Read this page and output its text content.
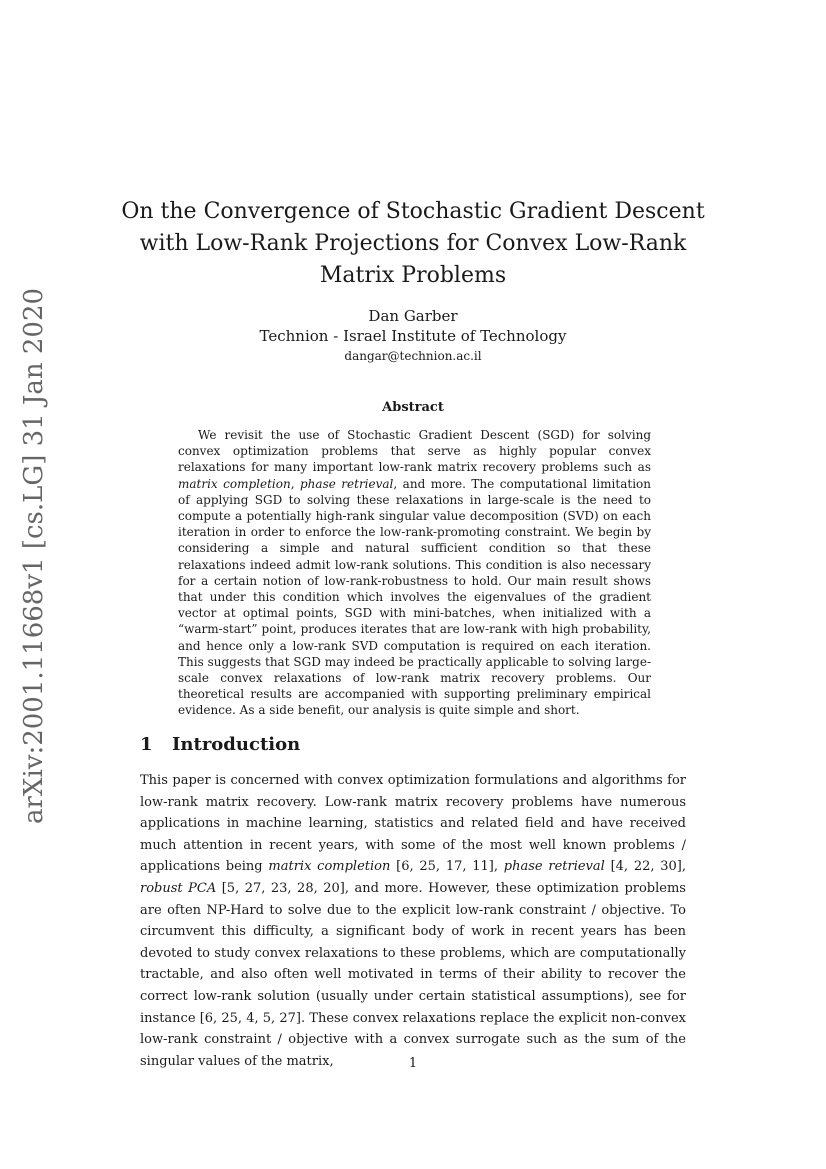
arXiv:2001.11668v1 [cs.LG] 31 Jan 2020
On the Convergence of Stochastic Gradient Descent with Low-Rank Projections for Convex Low-Rank Matrix Problems
Dan Garber
Technion - Israel Institute of Technology
dangar@technion.ac.il
Abstract

We revisit the use of Stochastic Gradient Descent (SGD) for solving convex optimization problems that serve as highly popular convex relaxations for many important low-rank matrix recovery problems such as matrix completion, phase retrieval, and more. The computational limitation of applying SGD to solving these relaxations in large-scale is the need to compute a potentially high-rank singular value decomposition (SVD) on each iteration in order to enforce the low-rank-promoting constraint. We begin by considering a simple and natural sufficient condition so that these relaxations indeed admit low-rank solutions. This condition is also necessary for a certain notion of low-rank-robustness to hold. Our main result shows that under this condition which involves the eigenvalues of the gradient vector at optimal points, SGD with mini-batches, when initialized with a “warm-start” point, produces iterates that are low-rank with high probability, and hence only a low-rank SVD computation is required on each iteration. This suggests that SGD may indeed be practically applicable to solving large-scale convex relaxations of low-rank matrix recovery problems. Our theoretical results are accompanied with supporting preliminary empirical evidence. As a side benefit, our analysis is quite simple and short.

1 Introduction

This paper is concerned with convex optimization formulations and algorithms for low-rank matrix recovery. Low-rank matrix recovery problems have numerous applications in machine learning, statistics and related field and have received much attention in recent years, with some of the most well known problems / applications being matrix completion [6, 25, 17, 11], phase retrieval [4, 22, 30], robust PCA [5, 27, 23, 28, 20], and more. However, these optimization problems are often NP-Hard to solve due to the explicit low-rank constraint / objective. To circumvent this difficulty, a significant body of work in recent years has been devoted to study convex relaxations to these problems, which are computationally tractable, and also often well motivated in terms of their ability to recover the correct low-rank solution (usually under certain statistical assumptions), see for instance [6, 25, 4, 5, 27]. These convex relaxations replace the explicit non-convex low-rank constraint / objective with a convex surrogate such as the sum of the singular values of the matrix,	1
